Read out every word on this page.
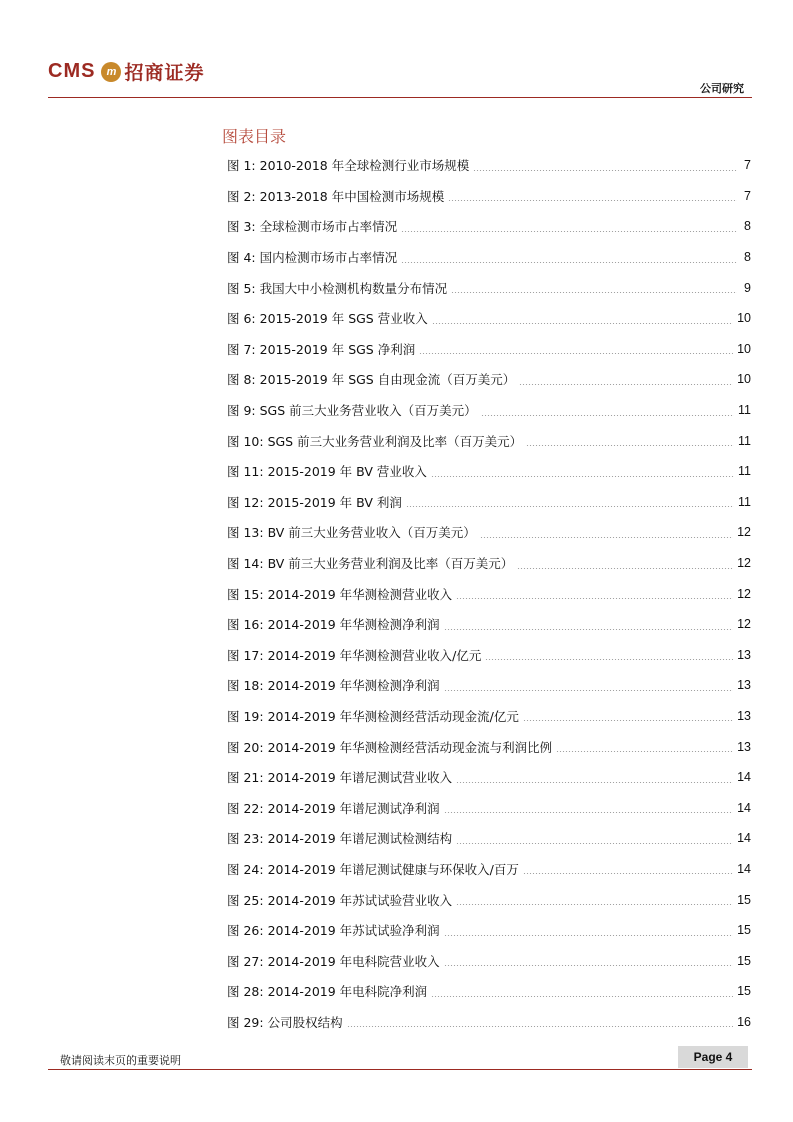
CMS	m 招商证券
公司研究
图表目录
图 1: 2010-2018 年全球检测行业市场规模	7
图 2: 2013-2018 年中国检测市场规模	7
图 3: 全球检测市场市占率情况	8
图 4: 国内检测市场市占率情况	8
图 5: 我国大中小检测机构数量分布情况	9
图 6: 2015-2019 年 SGS 营业收入	10
图 7: 2015-2019 年 SGS 净利润	10
图 8: 2015-2019 年 SGS 自由现金流（百万美元）	10
图 9: SGS 前三大业务营业收入（百万美元）	11
图 10: SGS 前三大业务营业利润及比率（百万美元）	11
图 11: 2015-2019 年 BV 营业收入	11
图 12: 2015-2019 年 BV 利润	11
图 13: BV 前三大业务营业收入（百万美元）	12
图 14: BV 前三大业务营业利润及比率（百万美元）	12
图 15: 2014-2019 年华测检测营业收入	12
图 16: 2014-2019 年华测检测净利润	12
图 17: 2014-2019 年华测检测营业收入/亿元	13
图 18: 2014-2019 年华测检测净利润	13
图 19: 2014-2019 年华测检测经营活动现金流/亿元	13
图 20: 2014-2019 年华测检测经营活动现金流与利润比例	13
图 21: 2014-2019 年谱尼测试营业收入	14
图 22: 2014-2019 年谱尼测试净利润	14
图 23: 2014-2019 年谱尼测试检测结构	14
图 24: 2014-2019 年谱尼测试健康与环保收入/百万	14
图 25: 2014-2019 年苏试试验营业收入	15
图 26: 2014-2019 年苏试试验净利润	15
图 27: 2014-2019 年电科院营业收入	15
图 28: 2014-2019 年电科院净利润	15
图 29: 公司股权结构	16
敬请阅读末页的重要说明	Page 4
